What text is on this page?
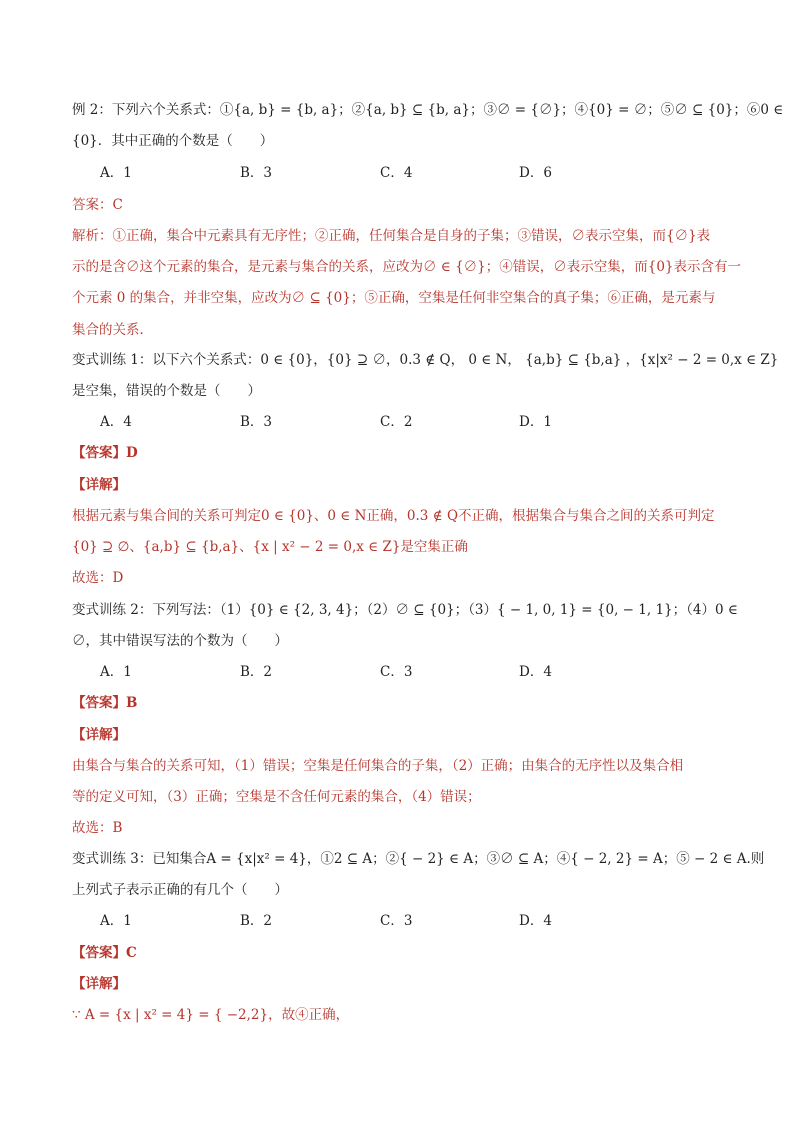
例 2：下列六个关系式：①{a, b} = {b, a}；②{a, b} ⊆ {b, a}；③∅ = {∅}；④{0} = ∅；⑤∅ ⊆ {0}；⑥0 ∈
{0}．其中正确的个数是（　　）
A．1	B．3	C．4	D．6
答案：C
解析：①正确，集合中元素具有无序性；②正确，任何集合是自身的子集；③错误，∅表示空集，而{∅}表
示的是含∅这个元素的集合，是元素与集合的关系，应改为∅ ∈ {∅}；④错误，∅表示空集，而{0}表示含有一
个元素 0 的集合，并非空集，应改为∅ ⊆ {0}；⑤正确，空集是任何非空集合的真子集；⑥正确，是元素与
集合的关系．
变式训练 1：以下六个关系式：0 ∈ {0}，{0} ⊇ ∅，0.3 ∉ Q， 0 ∈ N， {a,b} ⊆ {b,a} ，{x|x² − 2 = 0,x ∈ Z}
是空集，错误的个数是（　　）
A．4	B．3	C．2	D．1
【答案】D
【详解】
根据元素与集合间的关系可判定0 ∈ {0}、0 ∈ N正确，0.3 ∉ Q不正确，根据集合与集合之间的关系可判定
{0} ⊇ ∅、{a,b} ⊆ {b,a}、{x | x² − 2 = 0,x ∈ Z}是空集正确
故选：D
变式训练 2：下列写法：（1）{0} ∈ {2, 3, 4}；（2）∅ ⊆ {0}；（3）{ − 1, 0, 1} = {0, − 1, 1}；（4）0 ∈
∅，其中错误写法的个数为（　　）
A．1	B．2	C．3	D．4
【答案】B
【详解】
由集合与集合的关系可知，（1）错误；空集是任何集合的子集，（2）正确；由集合的无序性以及集合相
等的定义可知，（3）正确；空集是不含任何元素的集合，（4）错误；
故选：B
变式训练 3：已知集合A = {x|x² = 4}，①2 ⊆ A；②{ − 2} ∈ A；③∅ ⊆ A；④{ − 2, 2} = A；⑤ − 2 ∈ A.则
上列式子表示正确的有几个（　　）
A．1	B．2	C．3	D．4
【答案】C
【详解】
∵ A = {x | x² = 4} = { −2,2}，故④正确，
